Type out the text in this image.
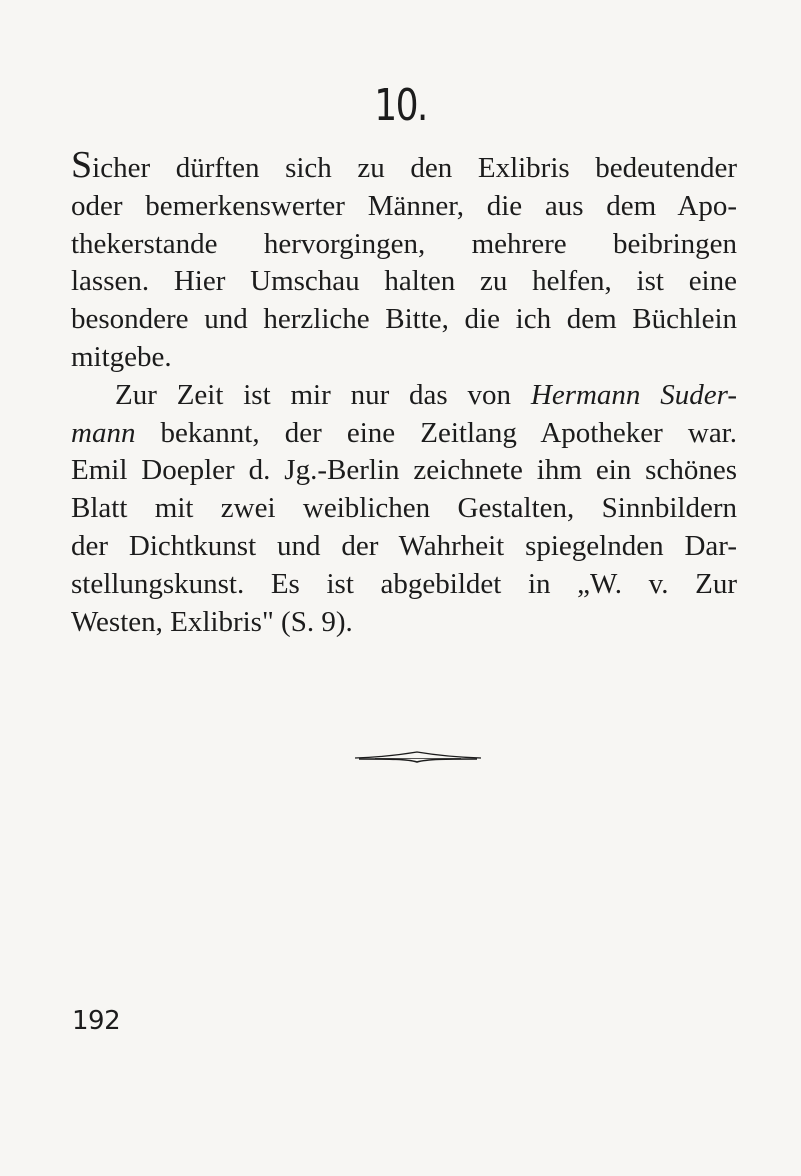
10.
Sicher dürften sich zu den Exlibris bedeutender
oder bemerkenswerter Männer, die aus dem Apo-
thekerstande hervorgingen, mehrere beibringen
lassen. Hier Umschau halten zu helfen, ist eine
besondere und herzliche Bitte, die ich dem Büchlein
mitgebe.
Zur Zeit ist mir nur das von Hermann Suder-
mann bekannt, der eine Zeitlang Apotheker war.
Emil Doepler d. Jg.-Berlin zeichnete ihm ein schönes
Blatt mit zwei weiblichen Gestalten, Sinnbildern
der Dichtkunst und der Wahrheit spiegelnden Dar-
stellungskunst. Es ist abgebildet in „W. v. Zur
Westen, Exlibris" (S. 9).
192
